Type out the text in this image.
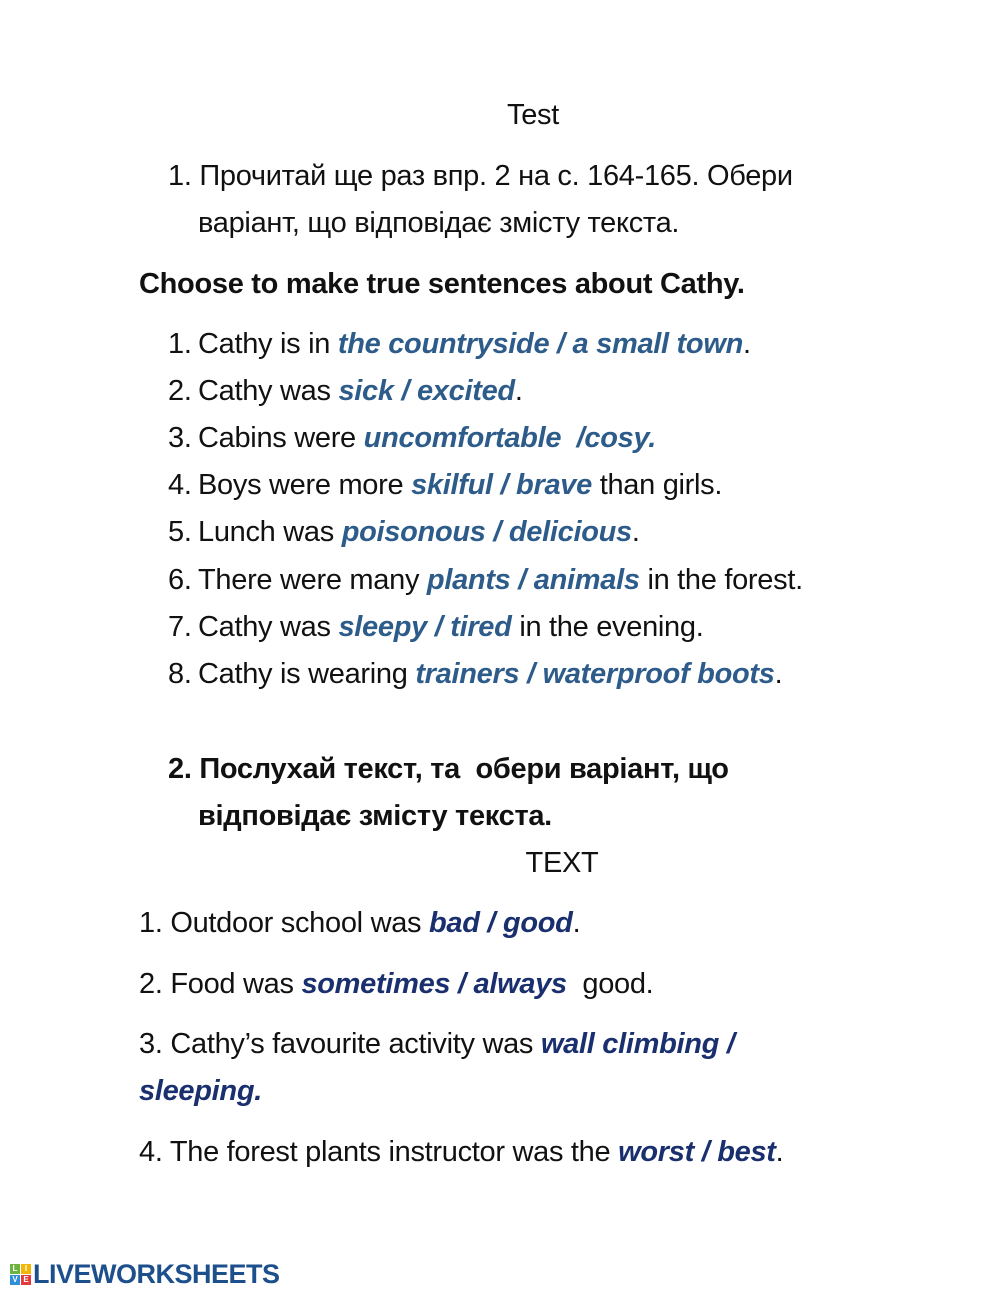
Test
1. Прочитай ще раз впр. 2 на с. 164-165. Обери
варіант, що відповідає змісту текста.
Choose to make true sentences about Cathy.
1. Cathy is in the countryside / a small town.
2. Cathy was sick / excited.
3. Cabins were uncomfortable  /cosy.
4. Boys were more skilful / brave than girls.
5. Lunch was poisonous / delicious.
6. There were many plants / animals in the forest.
7. Cathy was sleepy / tired in the evening.
8. Cathy is wearing trainers / waterproof boots.
2. Послухай текст, та  обери варіант, що
відповідає змісту текста.
TEXT
1. Outdoor school was bad / good.
2. Food was sometimes / always  good.
3. Cathy’s favourite activity was wall climbing /
sleeping.
4. The forest plants instructor was the worst / best.
L I
V E LIVEWORKSHEETS
